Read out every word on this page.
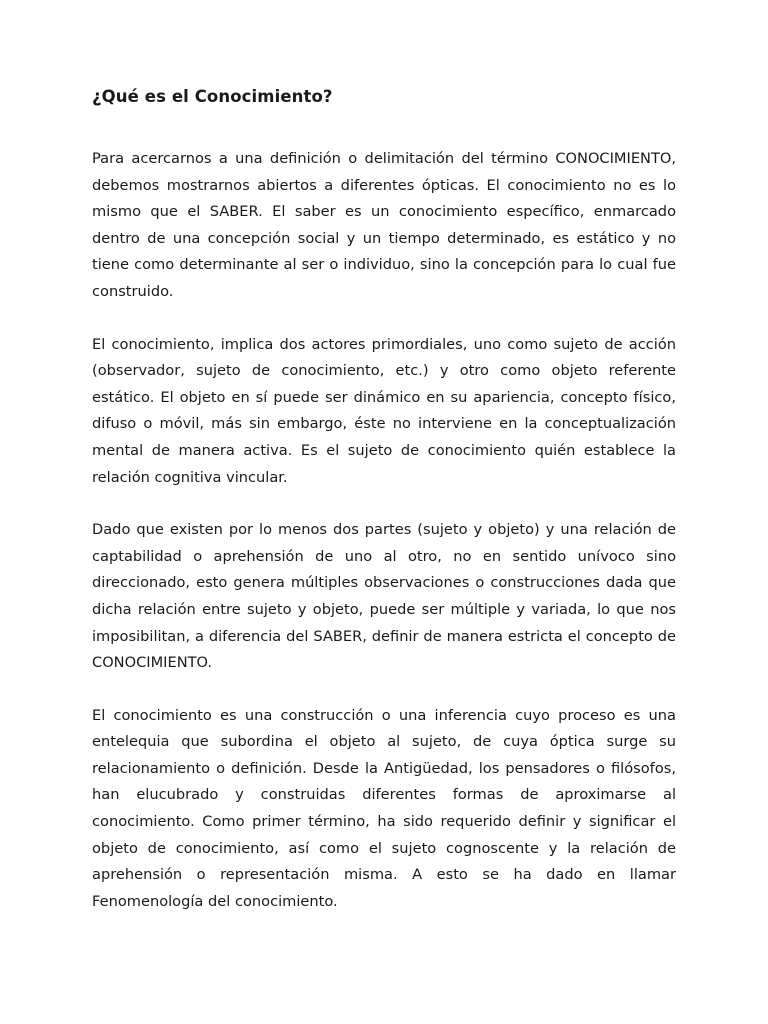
¿Qué es el Conocimiento?

Para acercarnos a una definición o delimitación del término CONOCIMIENTO, debemos mostrarnos abiertos a diferentes ópticas. El conocimiento no es lo mismo que el SABER. El saber es un conocimiento específico, enmarcado dentro de una concepción social y un tiempo determinado, es estático y no tiene como determinante al ser o individuo, sino la concepción para lo cual fue construido.

El conocimiento, implica dos actores primordiales, uno como sujeto de acción (observador, sujeto de conocimiento, etc.) y otro como objeto referente estático. El objeto en sí puede ser dinámico en su apariencia, concepto físico, difuso o móvil, más sin embargo, éste no interviene en la conceptualización mental de manera activa. Es el sujeto de conocimiento quién establece la relación cognitiva vincular.

Dado que existen por lo menos dos partes (sujeto y objeto) y una relación de captabilidad o aprehensión de uno al otro, no en sentido unívoco sino direccionado, esto genera múltiples observaciones o construcciones dada que dicha relación entre sujeto y objeto, puede ser múltiple y variada, lo que nos imposibilitan, a diferencia del SABER, definir de manera estricta el concepto de CONOCIMIENTO.

El conocimiento es una construcción o una inferencia cuyo proceso es una entelequia que subordina el objeto al sujeto, de cuya óptica surge su relacionamiento o definición. Desde la Antigüedad, los pensadores o filósofos, han elucubrado y construidas diferentes formas de aproximarse al conocimiento. Como primer término, ha sido requerido definir y significar el objeto de conocimiento, así como el sujeto cognoscente y la relación de aprehensión o representación misma. A esto se ha dado en llamar Fenomenología del conocimiento.
